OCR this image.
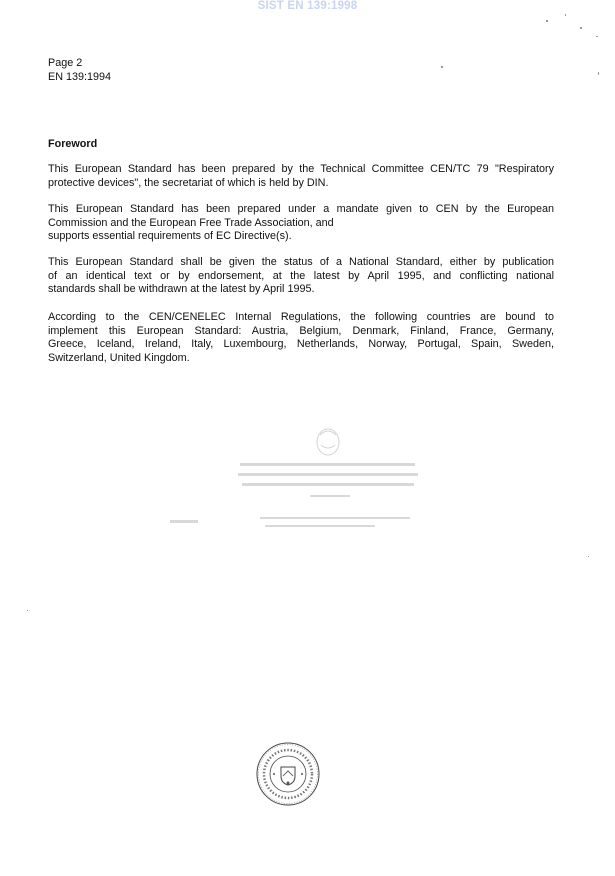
SIST EN 139:1998
Page 2
EN 139:1994
Foreword
This European Standard has been prepared by the Technical Committee CEN/TC 79 "Respiratory
protective devices", the secretariat of which is held by DIN.
This European Standard has been prepared under a mandate given to CEN by the European
Commission and the European Free Trade Association, and
supports essential requirements of EC Directive(s).
This European Standard shall be given the status of a National Standard, either by publication
of an identical text or by endorsement, at the latest by April 1995, and conflicting national
standards shall be withdrawn at the latest by April 1995.
According to the CEN/CENELEC Internal Regulations, the following countries are bound to
implement this European Standard: Austria, Belgium, Denmark, Finland, France, Germany,
Greece, Iceland, Ireland, Italy, Luxembourg, Netherlands, Norway, Portugal, Spain, Sweden,
Switzerland, United Kingdom.
